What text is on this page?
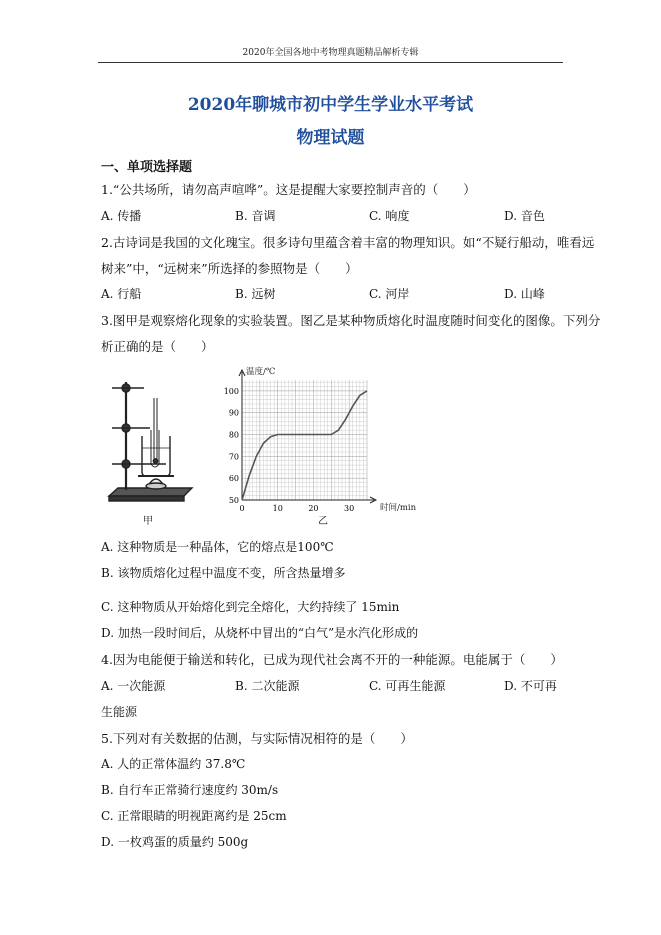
2020年全国各地中考物理真题精品解析专辑
2020年聊城市初中学生学业水平考试
物理试题
一、单项选择题
1.“公共场所，请勿高声喧哗”。这是提醒大家要控制声音的（　　）
A. 传播	B. 音调	C. 响度	D. 音色
2.古诗词是我国的文化瑰宝。很多诗句里蕴含着丰富的物理知识。如“不疑行船动，唯看远
树来”中，“远树来”所选择的参照物是（　　）
A. 行船	B. 远树	C. 河岸	D. 山峰
3.图甲是观察熔化现象的实验装置。图乙是某种物质熔化时温度随时间变化的图像。下列分
析正确的是（　　）
甲
50
60
70
80
90
100
0	10	20	30
温度/℃
时间/min
乙
A. 这种物质是一种晶体，它的熔点是100℃
B. 该物质熔化过程中温度不变，所含热量增多
C. 这种物质从开始熔化到完全熔化，大约持续了 15min
D. 加热一段时间后，从烧杯中冒出的“白气”是水汽化形成的
4.因为电能便于输送和转化，已成为现代社会离不开的一种能源。电能属于（　　）
A. 一次能源	B. 二次能源	C. 可再生能源	D. 不可再
生能源
5.下列对有关数据的估测，与实际情况相符的是（　　）
A. 人的正常体温约 37.8℃
B. 自行车正常骑行速度约 30m/s
C. 正常眼睛的明视距离约是 25cm
D. 一枚鸡蛋的质量约 500g
